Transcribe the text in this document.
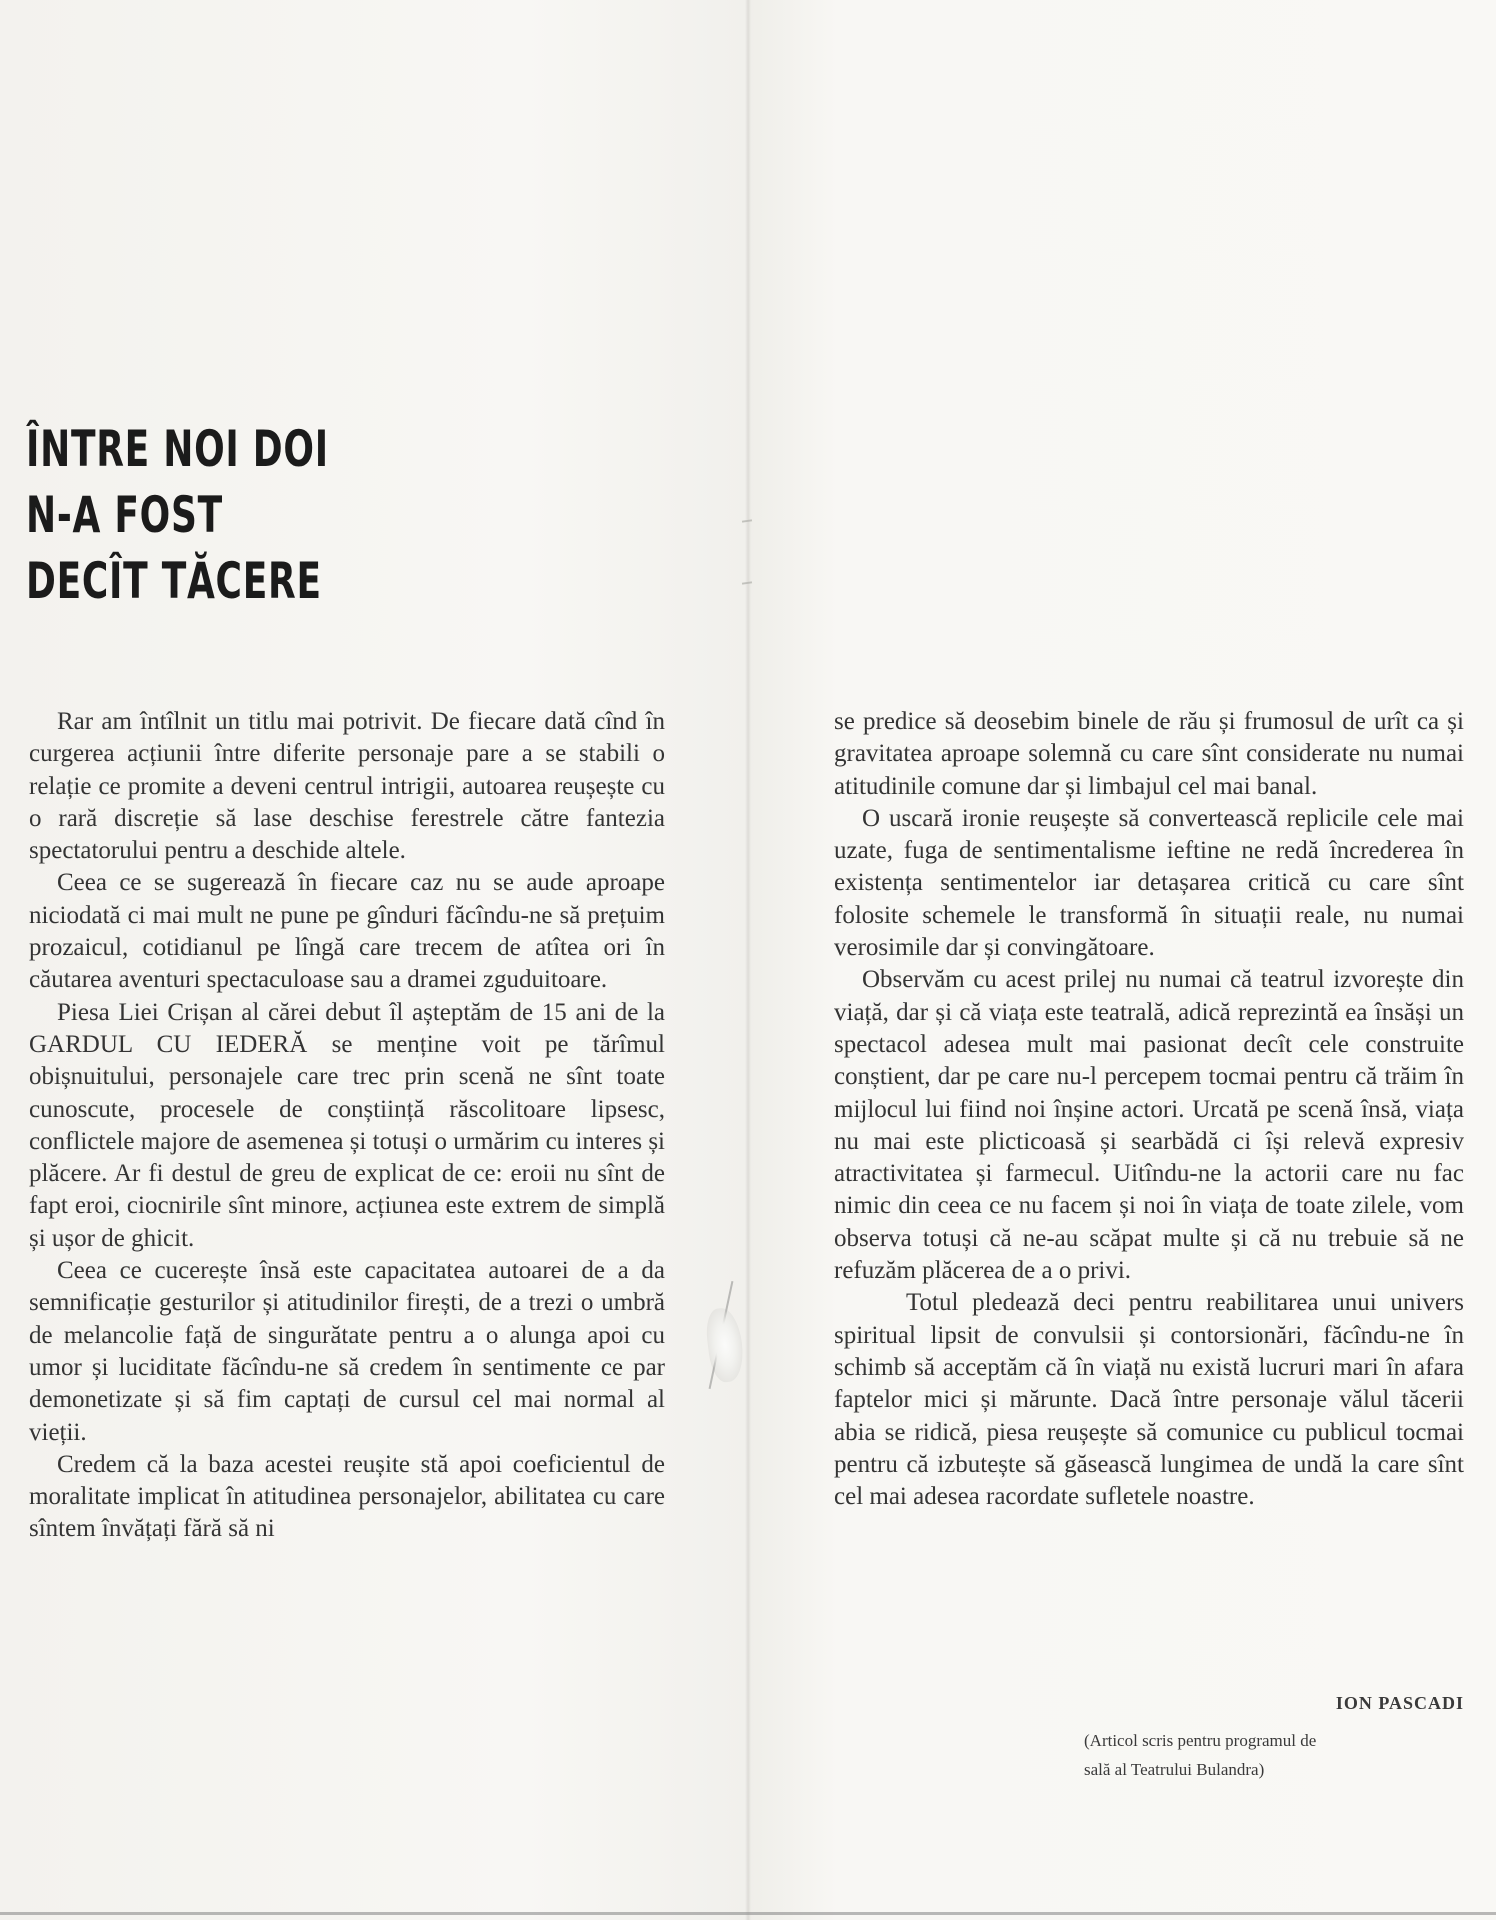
ÎNTRE NOI DOI
N-A FOST
DECÎT TĂCERE

Rar am întîlnit un titlu mai potrivit. De fiecare dată cînd în curgerea acțiunii între diferite personaje pare a se stabili o relație ce promite a deveni centrul intrigii, autoarea reușește cu o rară discreție să lase deschise ferestrele către fantezia spectatorului pentru a deschide altele.

Ceea ce se sugerează în fiecare caz nu se aude aproape niciodată ci mai mult ne pune pe gînduri făcîndu-ne să prețuim prozaicul, cotidianul pe lîngă care trecem de atîtea ori în căutarea aventuri spectaculoase sau a dramei zguduitoare.

Piesa Liei Crișan al cărei debut îl așteptăm de 15 ani de la GARDUL CU IEDERĂ se menține voit pe tărîmul obișnuitului, personajele care trec prin scenă ne sînt toate cunoscute, procesele de conștiință răscolitoare lipsesc, conflictele majore de asemenea și totuși o urmărim cu interes și plăcere. Ar fi destul de greu de explicat de ce: eroii nu sînt de fapt eroi, ciocnirile sînt minore, acțiunea este extrem de simplă și ușor de ghicit.

Ceea ce cucerește însă este capacitatea autoarei de a da semnificație gesturilor și atitudinilor firești, de a trezi o umbră de melancolie față de singurătate pentru a o alunga apoi cu umor și luciditate făcîndu-ne să credem în sentimente ce par demonetizate și să fim captați de cursul cel mai normal al vieții.

Credem că la baza acestei reușite stă apoi coeficientul de moralitate implicat în atitudinea personajelor, abilitatea cu care sîntem învățați fără să ni

se predice să deosebim binele de rău și frumosul de urît ca și gravitatea aproape solemnă cu care sînt considerate nu numai atitudinile comune dar și limbajul cel mai banal.

O uscară ironie reușește să convertească replicile cele mai uzate, fuga de sentimentalisme ieftine ne redă încrederea în existența sentimentelor iar detașarea critică cu care sînt folosite schemele le transformă în situații reale, nu numai verosimile dar și convingătoare.

Observăm cu acest prilej nu numai că teatrul izvorește din viață, dar și că viața este teatrală, adică reprezintă ea însăși un spectacol adesea mult mai pasionat decît cele construite conștient, dar pe care nu-l percepem tocmai pentru că trăim în mijlocul lui fiind noi înșine actori. Urcată pe scenă însă, viața nu mai este plicticoasă și searbădă ci își relevă expresiv atractivitatea și farmecul. Uitîndu-ne la actorii care nu fac nimic din ceea ce nu facem și noi în viața de toate zilele, vom observa totuși că ne-au scăpat multe și că nu trebuie să ne refuzăm plăcerea de a o privi.

Totul pledează deci pentru reabilitarea unui univers spiritual lipsit de convulsii și contorsionări, făcîndu-ne în schimb să acceptăm că în viață nu există lucruri mari în afara faptelor mici și mărunte. Dacă între personaje vălul tăcerii abia se ridică, piesa reușește să comunice cu publicul tocmai pentru că izbutește să găsească lungimea de undă la care sînt cel mai adesea racordate sufletele noastre.

ION PASCADI
(Articol scris pentru programul de
sală al Teatrului Bulandra)
